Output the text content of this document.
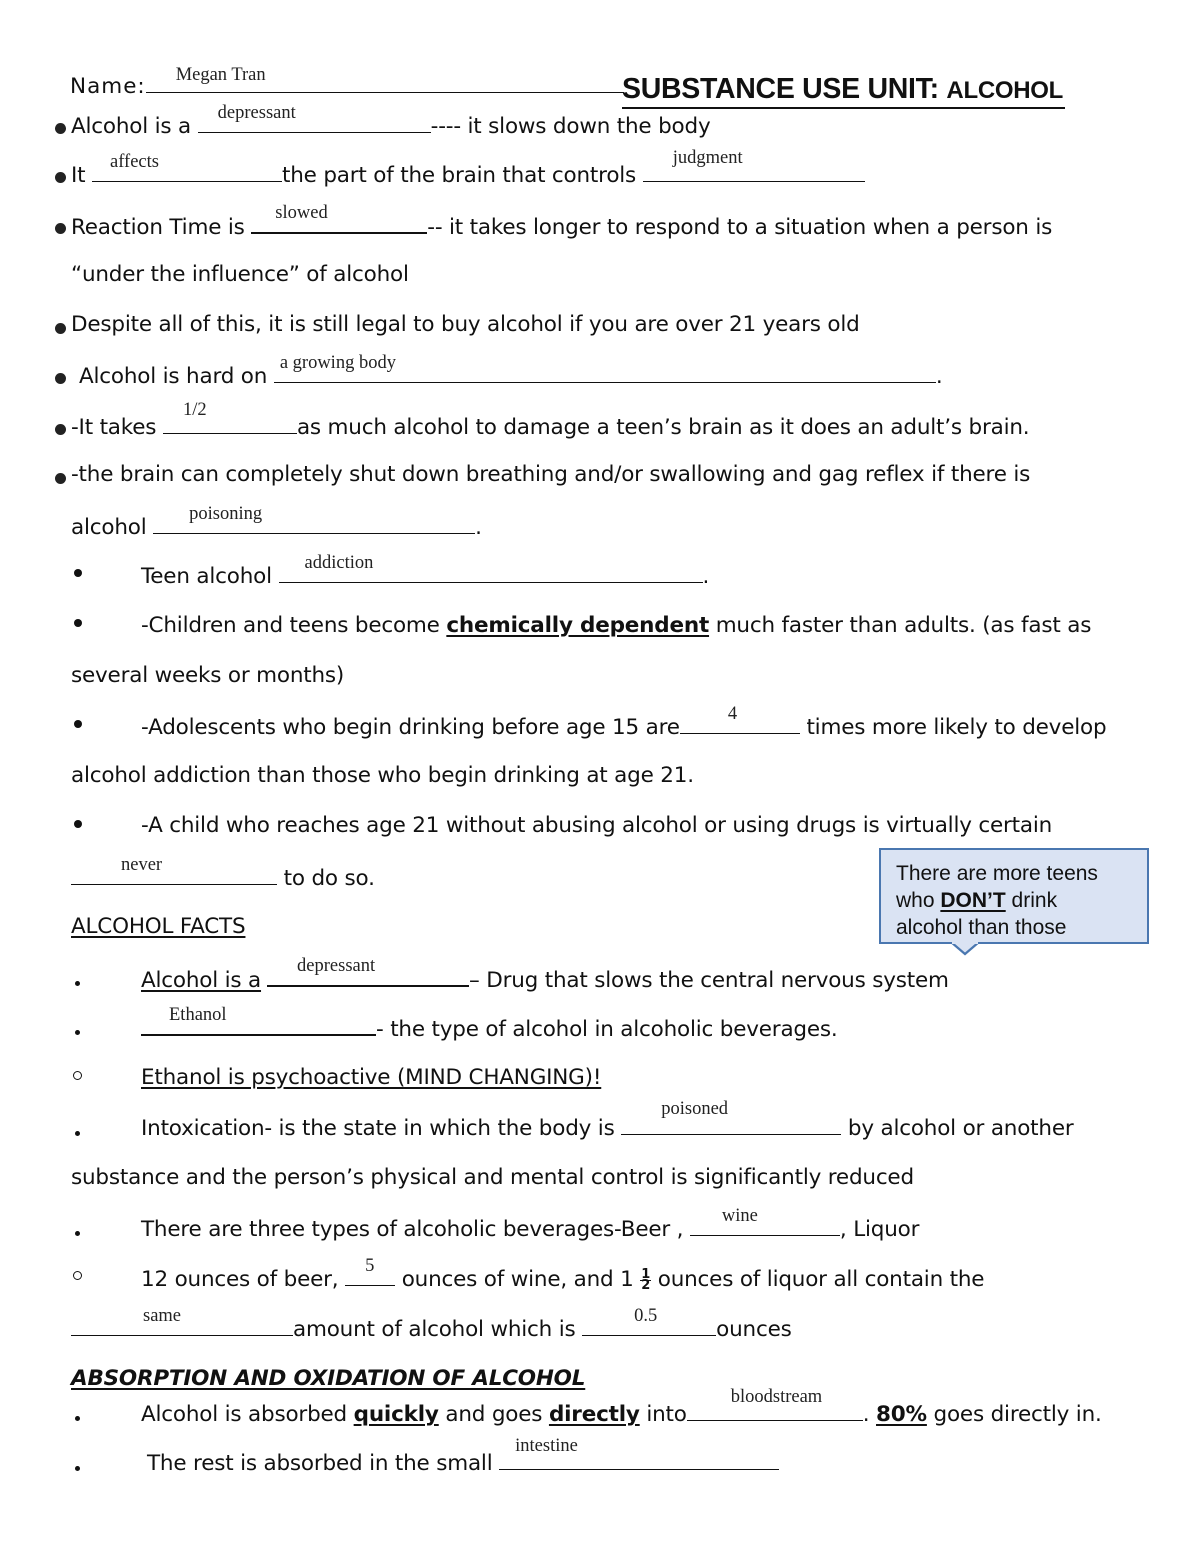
Name: Megan Tran	SUBSTANCE USE UNIT: ALCOHOL
Alcohol is a
depressant
---- it slows down the body
It
affects
the part of the brain that controls
judgment
Reaction Time is
slowed
-- it takes longer to respond to a situation when a person is
“under the influence” of alcohol
Despite all of this, it is still legal to buy alcohol if you are over 21 years old
Alcohol is hard on
a growing body
.
-It takes
1/2
as much alcohol to damage a teen’s brain as it does an adult’s brain.
-the brain can completely shut down breathing and/or swallowing and gag reflex if there is
alcohol
poisoning
.
Teen alcohol
addiction
.
-Children and teens become chemically dependent much faster than adults. (as fast as
several weeks or months)
-Adolescents who begin drinking before age 15 are
4
times more likely to develop
alcohol addiction than those who begin drinking at age 21.
-A child who reaches age 21 without abusing alcohol or using drugs is virtually certain
never
to do so.	There are more teens
who DON’T drink
alcohol than those
ALCOHOL FACTS
Alcohol is a
depressant
– Drug that slows the central nervous system
Ethanol
- the type of alcohol in alcoholic beverages.
Ethanol is psychoactive (MIND CHANGING)!
Intoxication- is the state in which the body is
poisoned
by alcohol or another
substance and the person’s physical and mental control is significantly reduced
There are three types of alcoholic beverages-Beer ,
wine
, Liquor
12 ounces of beer,
5
ounces of wine, and $1 \frac{1}{2}$ ounces of liquor all contain the
same
amount of alcohol which is
0.5
ounces
ABSORPTION AND OXIDATION OF ALCOHOL
Alcohol is absorbed quickly and goes directly into
bloodstream
. 80% goes directly in.
The rest is absorbed in the small
intestine
